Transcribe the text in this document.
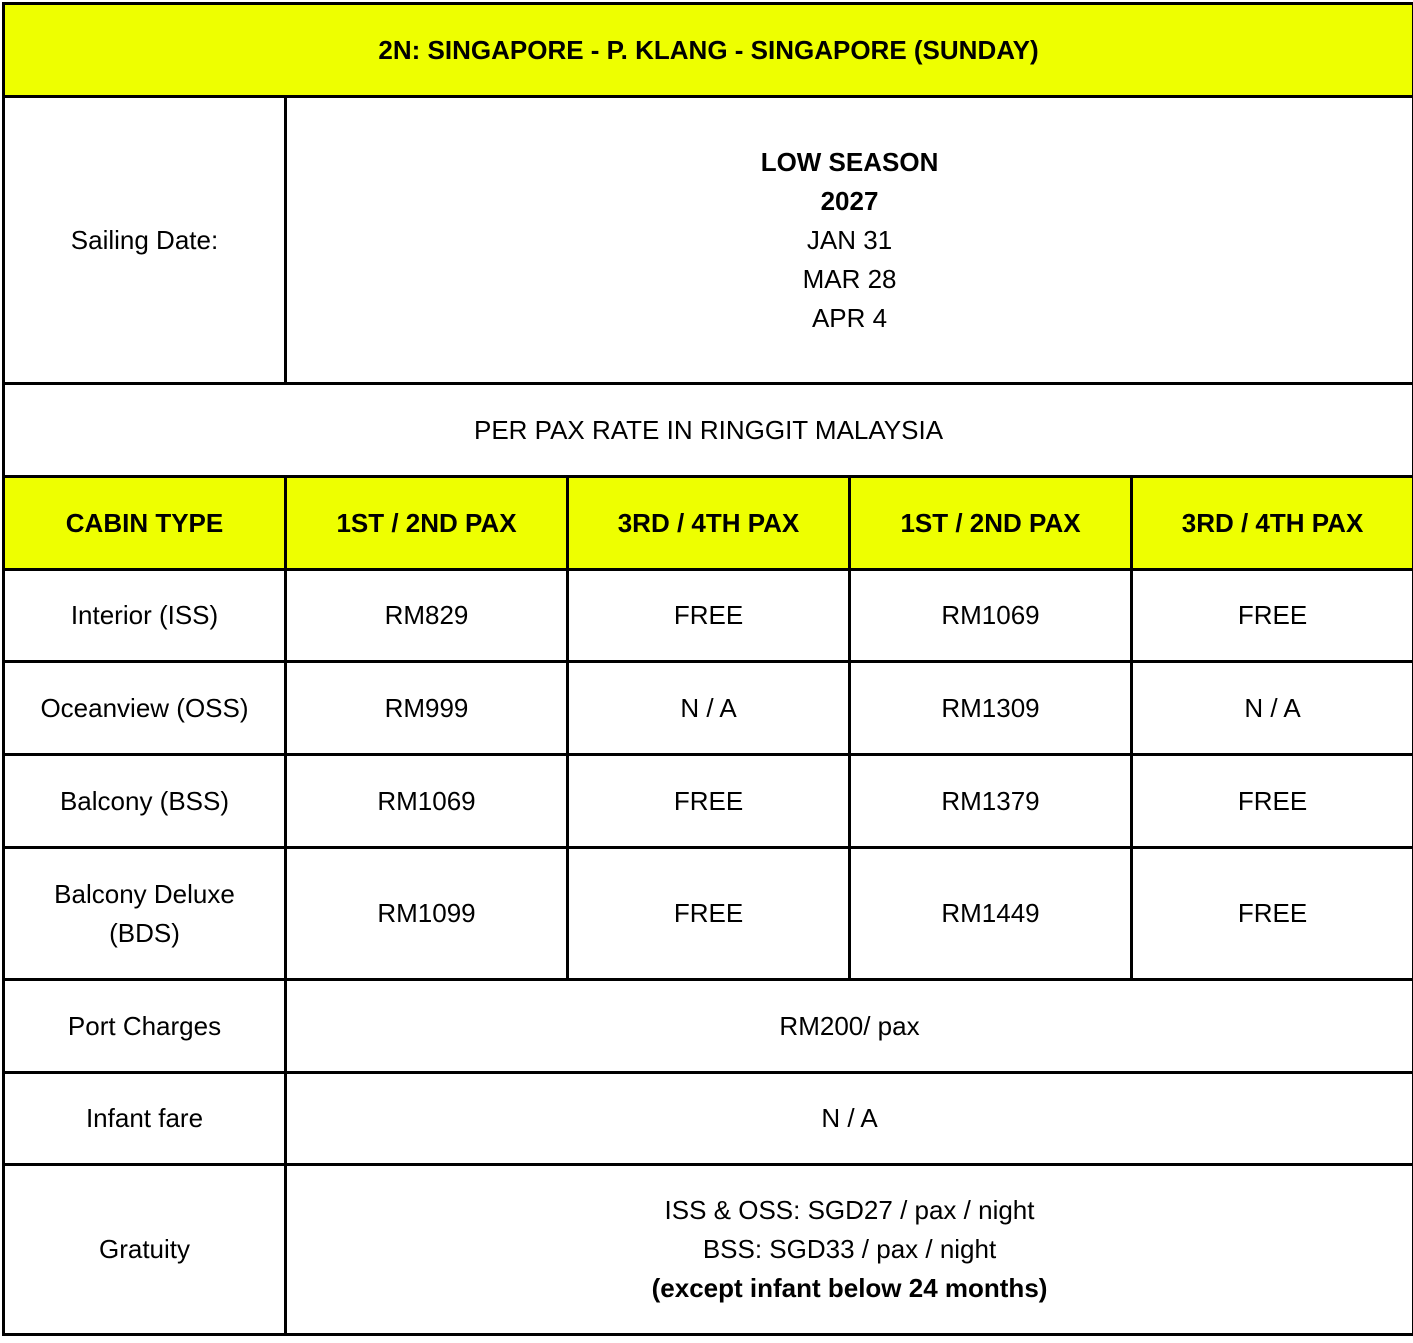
2N: SINGAPORE - P. KLANG - SINGAPORE (SUNDAY)				
Sailing Date:	LOW SEASON
2027
JAN 31
MAR 28
APR 4			

PER PAX RATE IN RINGGIT MALAYSIA				
CABIN TYPE	1ST / 2ND PAX	3RD / 4TH PAX	1ST / 2ND PAX	3RD / 4TH PAX
Interior (ISS)	RM829	FREE	RM1069	FREE
Oceanview (OSS)	RM999	N / A	RM1309	N / A
Balcony (BSS)	RM1069	FREE	RM1379	FREE

Balcony Deluxe
(BDS)	RM1099	FREE	RM1449	FREE
Port Charges	RM200/ pax			
Infant fare	N / A			
Gratuity	ISS & OSS: SGD27 / pax / night
BSS: SGD33 / pax / night
(except infant below 24 months)			
